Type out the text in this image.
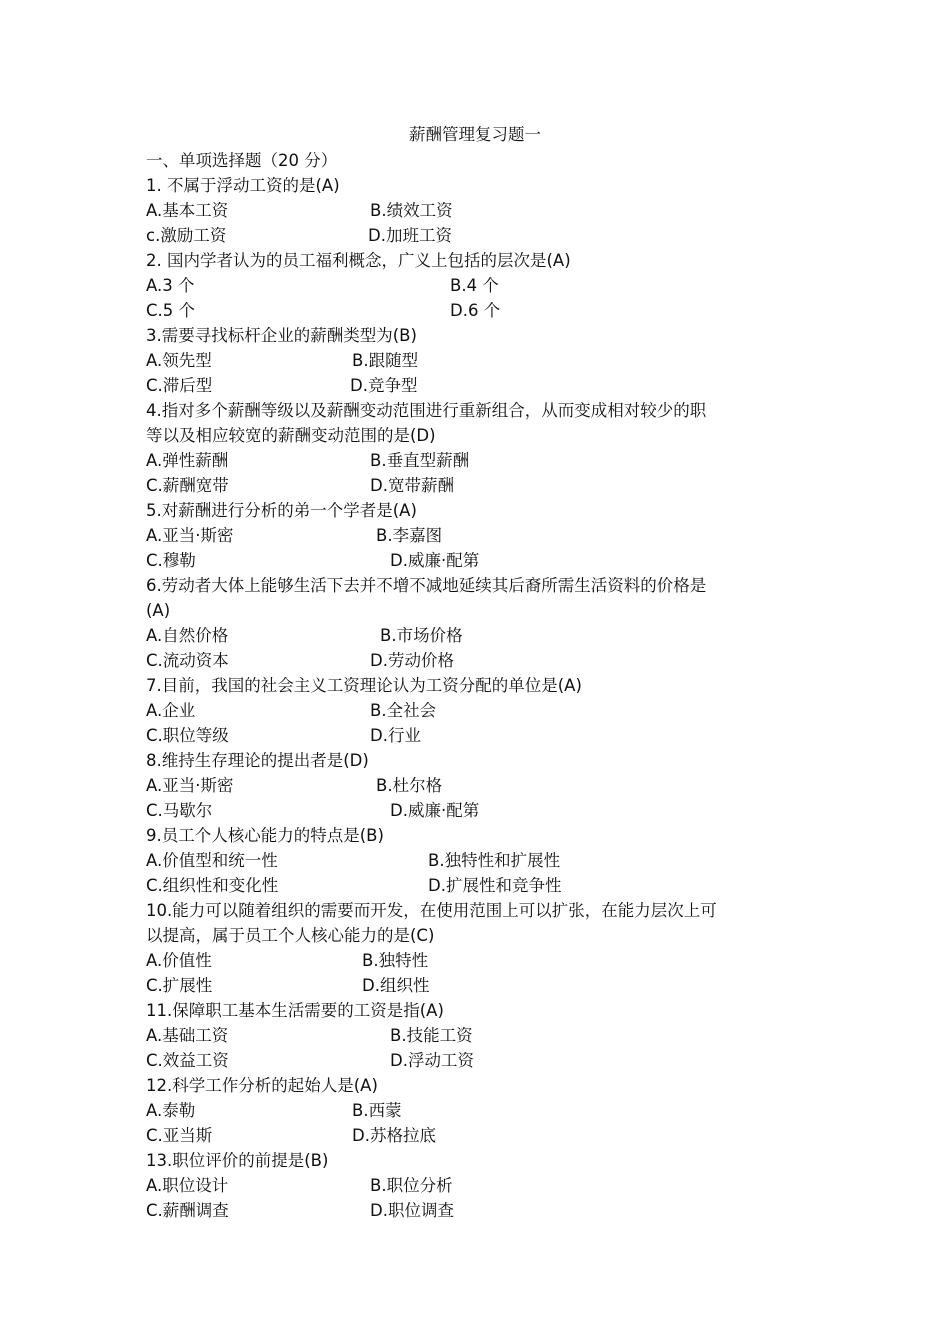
薪酬管理复习题一
一、单项选择题（20 分）
1. 不属于浮动工资的是(A)
A.基本工资	B.绩效工资
c.激励工资	D.加班工资
2. 国内学者认为的员工福利概念，广义上包括的层次是(A)
A.3 个	B.4 个
C.5 个	D.6 个
3.需要寻找标杆企业的薪酬类型为(B)
A.领先型	B.跟随型
C.滞后型	D.竞争型
4.指对多个薪酬等级以及薪酬变动范围进行重新组合，从而变成相对较少的职
等以及相应较宽的薪酬变动范围的是(D)
A.弹性薪酬	B.垂直型薪酬
C.薪酬宽带	D.宽带薪酬
5.对薪酬进行分析的弟一个学者是(A)
A.亚当·斯密	B.李嘉图
C.穆勒	D.威廉·配第
6.劳动者大体上能够生活下去并不增不减地延续其后裔所需生活资料的价格是
(A)
A.自然价格	B.市场价格
C.流动资本	D.劳动价格
7.目前，我国的社会主义工资理论认为工资分配的单位是(A)
A.企业	B.全社会
C.职位等级	D.行业
8.维持生存理论的提出者是(D)
A.亚当·斯密	B.杜尔格
C.马歇尔	D.威廉·配第
9.员工个人核心能力的特点是(B)
A.价值型和统一性	B.独特性和扩展性
C.组织性和变化性	D.扩展性和竞争性
10.能力可以随着组织的需要而开发，在使用范围上可以扩张，在能力层次上可
以提高，属于员工个人核心能力的是(C)
A.价值性	B.独特性
C.扩展性	D.组织性
11.保障职工基本生活需要的工资是指(A)
A.基础工资	B.技能工资
C.效益工资	D.浮动工资
12.科学工作分析的起始人是(A)
A.泰勒	B.西蒙
C.亚当斯	D.苏格拉底
13.职位评价的前提是(B)
A.职位设计	B.职位分析
C.薪酬调查	D.职位调查
